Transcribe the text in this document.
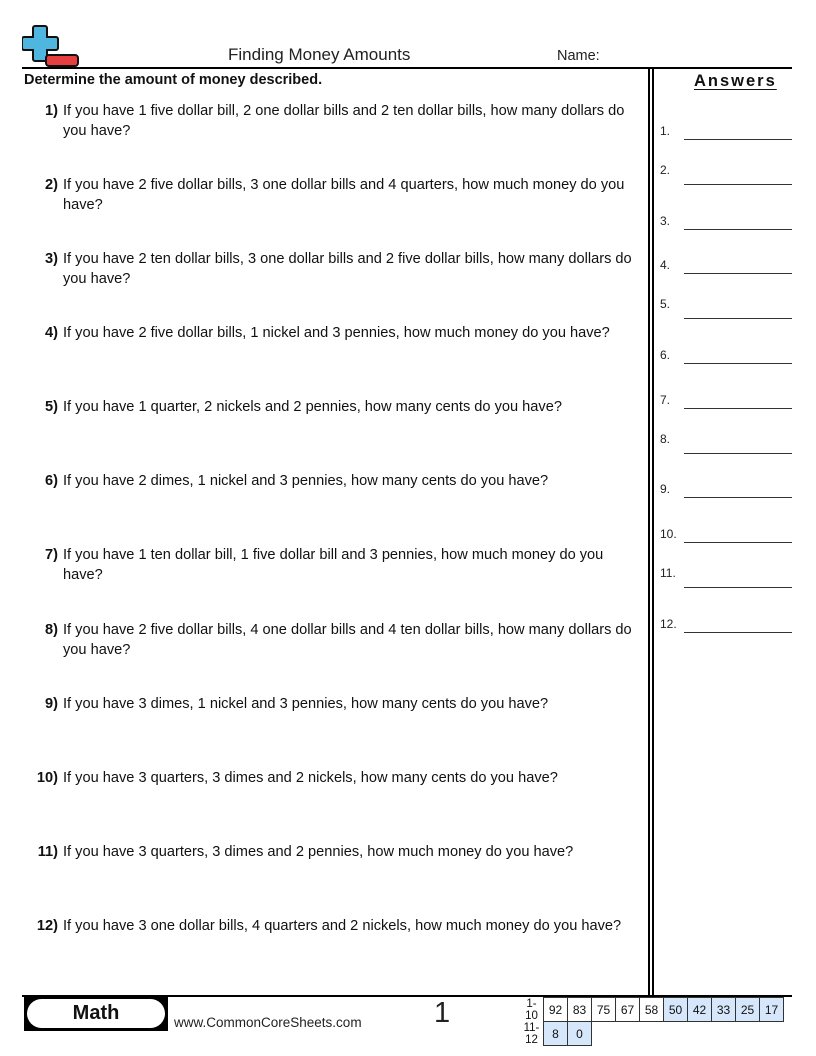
Finding Money Amounts	Name:
Determine the amount of money described.
1) If you have 1 five dollar bill, 2 one dollar bills and 2 ten dollar bills, how many dollars do you have?
2) If you have 2 five dollar bills, 3 one dollar bills and 4 quarters, how much money do you have?
3) If you have 2 ten dollar bills, 3 one dollar bills and 2 five dollar bills, how many dollars do you have?
4) If you have 2 five dollar bills, 1 nickel and 3 pennies, how much money do you have?
5) If you have 1 quarter, 2 nickels and 2 pennies, how many cents do you have?
6) If you have 2 dimes, 1 nickel and 3 pennies, how many cents do you have?
7) If you have 1 ten dollar bill, 1 five dollar bill and 3 pennies, how much money do you have?
8) If you have 2 five dollar bills, 4 one dollar bills and 4 ten dollar bills, how many dollars do you have?
9) If you have 3 dimes, 1 nickel and 3 pennies, how many cents do you have?
10) If you have 3 quarters, 3 dimes and 2 nickels, how many cents do you have?
11) If you have 3 quarters, 3 dimes and 2 pennies, how much money do you have?
12) If you have 3 one dollar bills, 4 quarters and 2 nickels, how much money do you have?
Answers
1.
2.
3.
4.
5.
6.
7.
8.
9.
10.
11.
12.
Math	www.CommonCoreSheets.com 1	1-10	92	83	75	67	58	50	42	33	25	17
11-12	8	0								
